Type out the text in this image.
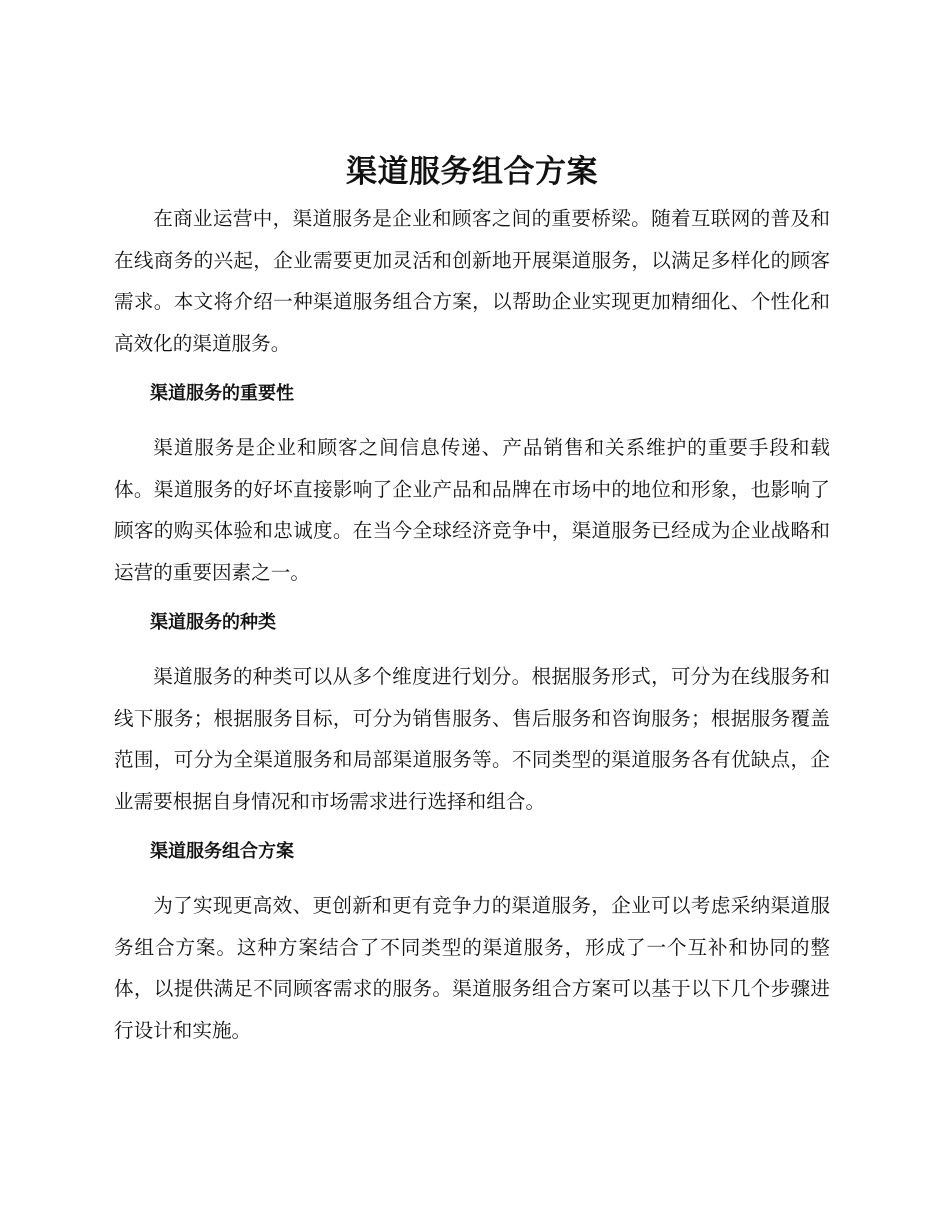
渠道服务组合方案

在商业运营中，渠道服务是企业和顾客之间的重要桥梁。随着互联网的普及和在线商务的兴起，企业需要更加灵活和创新地开展渠道服务，以满足多样化的顾客需求。本文将介绍一种渠道服务组合方案，以帮助企业实现更加精细化、个性化和高效化的渠道服务。

渠道服务的重要性

渠道服务是企业和顾客之间信息传递、产品销售和关系维护的重要手段和载体。渠道服务的好坏直接影响了企业产品和品牌在市场中的地位和形象，也影响了顾客的购买体验和忠诚度。在当今全球经济竞争中，渠道服务已经成为企业战略和运营的重要因素之一。

渠道服务的种类

渠道服务的种类可以从多个维度进行划分。根据服务形式，可分为在线服务和线下服务；根据服务目标，可分为销售服务、售后服务和咨询服务；根据服务覆盖范围，可分为全渠道服务和局部渠道服务等。不同类型的渠道服务各有优缺点，企业需要根据自身情况和市场需求进行选择和组合。

渠道服务组合方案

为了实现更高效、更创新和更有竞争力的渠道服务，企业可以考虑采纳渠道服务组合方案。这种方案结合了不同类型的渠道服务，形成了一个互补和协同的整体，以提供满足不同顾客需求的服务。渠道服务组合方案可以基于以下几个步骤进行设计和实施。
